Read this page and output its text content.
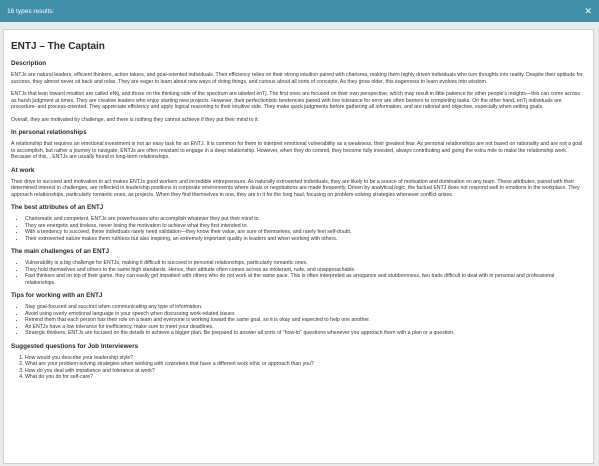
16 types results:	✕
ENTJ – The Captain
Description

ENTJs are natural leaders, efficient thinkers, action takers, and goal-oriented individuals. Their efficiency relies on their strong intuition paired with charisma, making them highly driven individuals who turn thoughts into reality. Despite their aptitude for success, they almost never sit back and relax. They are eager to learn about new ways of doing things, and curious about all sorts of concepts. As they grow older, this eagerness to learn evolves into wisdom.

ENTJs that lean toward intuition are called eNtj, and those on the thinking side of the spectrum are labeled enTj. The first ones are focused on their own perspective, which may result in little patience for other people's insights—this can come across as harsh judgment at times. They are creative leaders who enjoy starting new projects. However, their perfectionistic tendencies paired with low tolerance for error are often barriers to completing tasks. On the other hand, enTj individuals are procedure- and process-oriented. They appreciate efficiency and apply logical reasoning to their intuitive side. They make quick judgments before gathering all information, and are rational and objective, especially when setting goals.

Overall, they are motivated by challenge, and there is nothing they cannot achieve if they put their mind to it.

In personal relationships

A relationship that requires an emotional investment is not an easy task for an ENTJ. It is common for them to interpret emotional vulnerability as a weakness, their greatest fear. As personal relationships are not based on rationality and are not a goal to accomplish, but rather a journey to navigate, ENTJs are often resistant to engage in a deep relationship. However, when they do commit, they become fully invested, always contributing and going the extra mile to make the relationship work. Because of this, , ENTJs are usually found in long-term relationships.

At work

Their drive to succeed and motivation to act makes ENTJs good workers and incredible entrepreneurs. As naturally extroverted individuals, they are likely to be a source of motivation and domination on any team. These attributes, paired with their determined interest in challenges, are reflected in leadership positions in corporate environments where deals or negotiations are made frequently. Driven by analytical logic, the factual ENTJ does not respond well to emotions in the workplace. They approach relationships, particularly romantic ones, as projects. When they find themselves in one, they are in it for the long haul, focusing on problem-solving strategies whenever conflict arises.

The best attributes of an ENTJ
• Charismatic and competent, ENTJs are powerhouses who accomplish whatever they put their mind to.
• They are energetic and tireless, never losing the motivation to achieve what they first intended to.
• With a tendency to succeed, these individuals rarely need validation—they know their value, are sure of themselves, and rarely feel self-doubt.
• Their extroverted nature makes them ruthless but also inspiring, an extremely important quality in leaders and when working with others.
The main challenges of an ENTJ
• Vulnerability is a big challenge for ENTJs, making it difficult to succeed in personal relationships, particularly romantic ones.
• They hold themselves and others to the same high standards. Hence, their attitude often comes across as intolerant, rude, and unapproachable.
• Fast thinkers and on top of their game, they can easily get impatient with others who do not work at the same pace. This is often interpreted as arrogance and stubbornness, two traits difficult to deal with in personal and professional relationships.
Tips for working with an ENTJ
• Stay goal-focused and succinct when communicating any type of information.
• Avoid using overly emotional language in your speech when discussing work-related issues
• Remind them that each person has their role on a team and everyone is working toward the same goal, so it is okay and expected to help one another.
• As ENTJs have a low tolerance for inefficiency, make sure to meet your deadlines.
• Strategic thinkers, ENTJs are focused on the details to achieve a bigger plan. Be prepared to answer all sorts of "how-to" questions whenever you approach them with a plan or a question.
Suggested questions for Job Interviewers
1. How would you describe your leadership style?
2. What are your problem-solving strategies when working with coworkers that have a different work ethic or approach than you?
3. How do you deal with impatience and tolerance at work?
4. What do you do for self-care?
